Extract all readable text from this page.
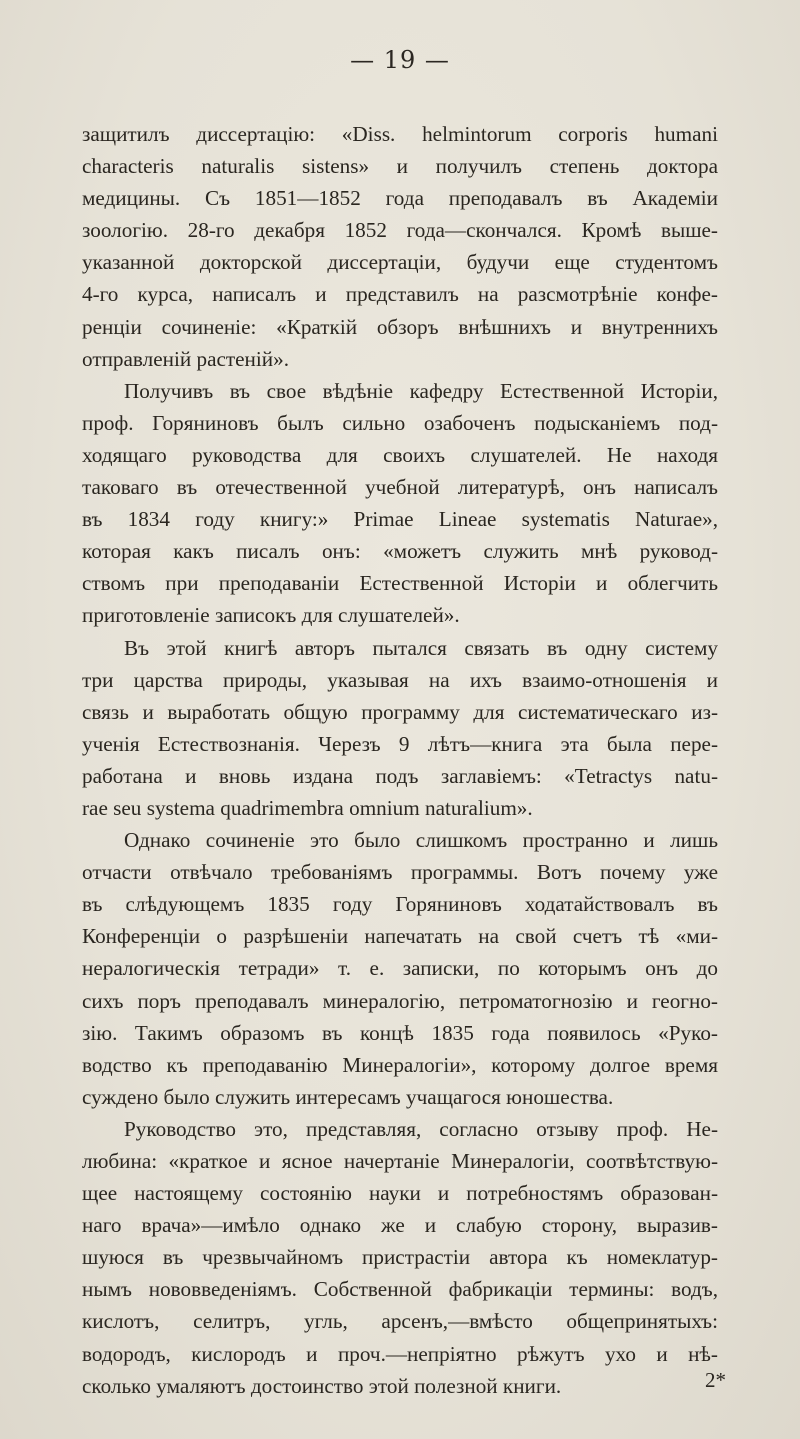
— 19 —
защитилъ диссертацію: «Diss. helmintorum corporis humani
characteris naturalis sistens» и получилъ степень доктора
медицины. Съ 1851—1852 года преподавалъ въ Академіи
зоологію. 28-го декабря 1852 года—скончался. Кромѣ выше-
указанной докторской диссертаціи, будучи еще студентомъ
4-го курса, написалъ и представилъ на разсмотрѣніе конфе-
ренціи сочиненіе: «Краткій обзоръ внѣшнихъ и внутреннихъ
отправленій растеній».
Получивъ въ свое вѣдѣніе кафедру Естественной Исторіи,
проф. Горяниновъ былъ сильно озабоченъ подысканіемъ под-
ходящаго руководства для своихъ слушателей. Не находя
таковаго въ отечественной учебной литературѣ, онъ написалъ
въ 1834 году книгу:» Primae Lineae systematis Naturae»,
которая какъ писалъ онъ: «можетъ служить мнѣ руковод-
ствомъ при преподаваніи Естественной Исторіи и облегчить
приготовленіе записокъ для слушателей».
Въ этой книгѣ авторъ пытался связать въ одну систему
три царства природы, указывая на ихъ взаимо-отношенія и
связь и выработать общую программу для систематическаго из-
ученія Естествознанія. Черезъ 9 лѣтъ—книга эта была пере-
работана и вновь издана подъ заглавіемъ: «Tetractys natu-
rae seu systema quadrimembra omnium naturalium».
Однако сочиненіе это было слишкомъ пространно и лишь
отчасти отвѣчало требованіямъ программы. Вотъ почему уже
въ слѣдующемъ 1835 году Горяниновъ ходатайствовалъ въ
Конференціи о разрѣшеніи напечатать на свой счетъ тѣ «ми-
нералогическія тетради» т. е. записки, по которымъ онъ до
сихъ поръ преподавалъ минералогію, петроматогнозію и геогно-
зію. Такимъ образомъ въ концѣ 1835 года появилось «Руко-
водство къ преподаванію Минералогіи», которому долгое время
суждено было служить интересамъ учащагося юношества.
Руководство это, представляя, согласно отзыву проф. Не-
любина: «краткое и ясное начертаніе Минералогіи, соотвѣтствую-
щее настоящему состоянію науки и потребностямъ образован-
наго врача»—имѣло однако же и слабую сторону, выразив-
шуюся въ чрезвычайномъ пристрастіи автора къ номеклатур-
нымъ нововведеніямъ. Собственной фабрикаціи термины: водъ,
кислотъ, селитръ, угль, арсенъ,—вмѣсто общепринятыхъ:
водородъ, кислородъ и проч.—непріятно рѣжутъ ухо и нѣ-
сколько умаляютъ достоинство этой полезной книги.	2*
